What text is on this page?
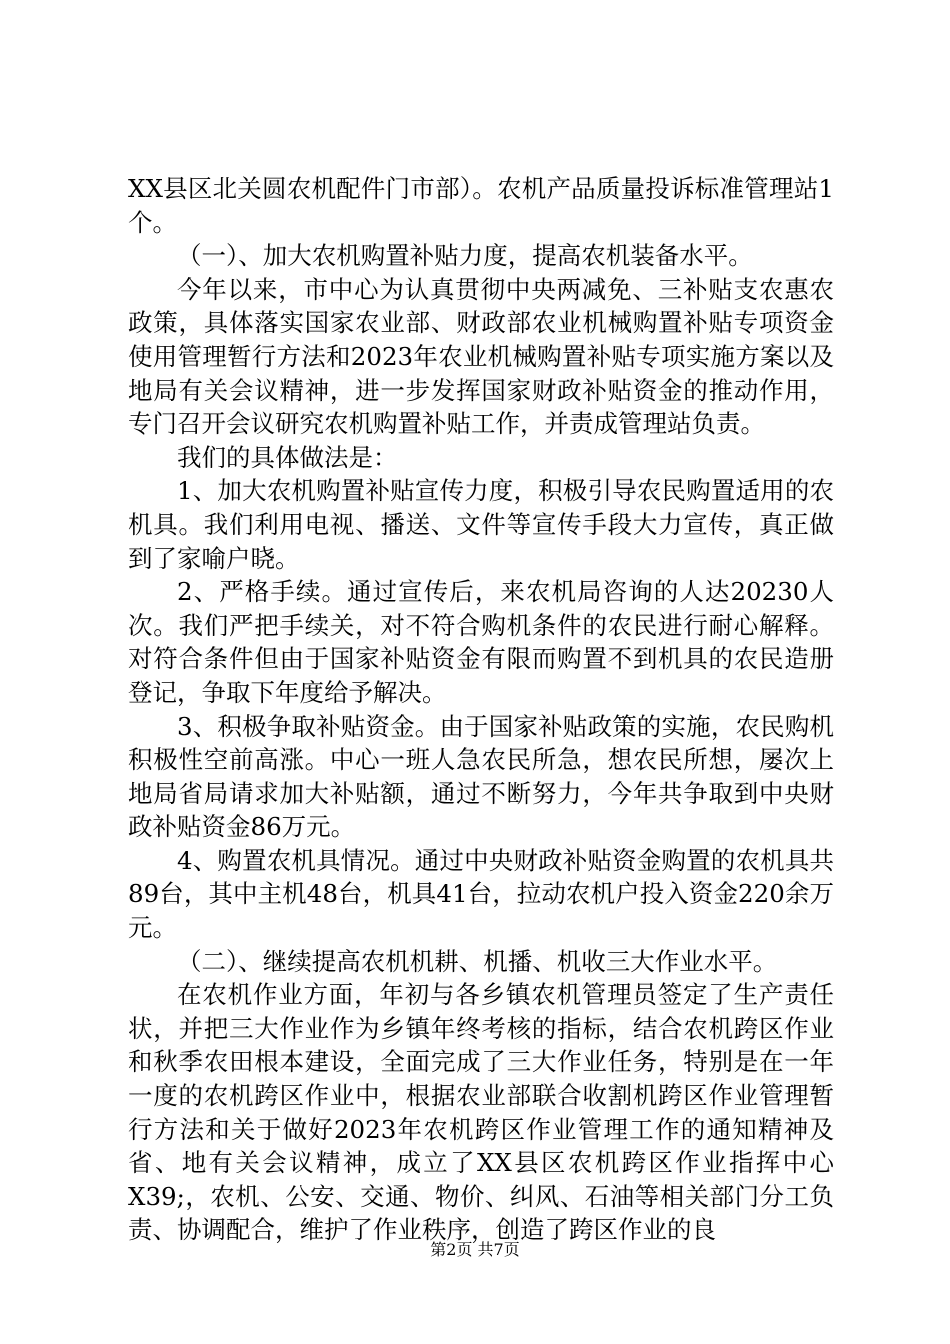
XX县区北关圆农机配件门市部）。农机产品质量投诉标准管理站1个。

（一）、加大农机购置补贴力度，提高农机装备水平。

今年以来，市中心为认真贯彻中央两减免、三补贴支农惠农政策，具体落实国家农业部、财政部农业机械购置补贴专项资金使用管理暂行方法和2023年农业机械购置补贴专项实施方案以及地局有关会议精神，进一步发挥国家财政补贴资金的推动作用，专门召开会议研究农机购置补贴工作，并责成管理站负责。

我们的具体做法是：

1、加大农机购置补贴宣传力度，积极引导农民购置适用的农机具。我们利用电视、播送、文件等宣传手段大力宣传，真正做到了家喻户晓。

2、严格手续。通过宣传后，来农机局咨询的人达20230人次。我们严把手续关，对不符合购机条件的农民进行耐心解释。对符合条件但由于国家补贴资金有限而购置不到机具的农民造册登记，争取下年度给予解决。

3、积极争取补贴资金。由于国家补贴政策的实施，农民购机积极性空前高涨。中心一班人急农民所急，想农民所想，屡次上地局省局请求加大补贴额，通过不断努力，今年共争取到中央财政补贴资金86万元。

4、购置农机具情况。通过中央财政补贴资金购置的农机具共89台，其中主机48台，机具41台，拉动农机户投入资金220余万元。

（二）、继续提高农机机耕、机播、机收三大作业水平。

在农机作业方面，年初与各乡镇农机管理员签定了生产责任状，并把三大作业作为乡镇年终考核的指标，结合农机跨区作业和秋季农田根本建设，全面完成了三大作业任务，特别是在一年一度的农机跨区作业中，根据农业部联合收割机跨区作业管理暂行方法和关于做好2023年农机跨区作业管理工作的通知精神及省、地有关会议精神，成立了XX县区农机跨区作业指挥中心X39;，农机、公安、交通、物价、纠风、石油等相关部门分工负责、协调配合，维护了作业秩序，创造了跨区作业的良

第2页 共7页
